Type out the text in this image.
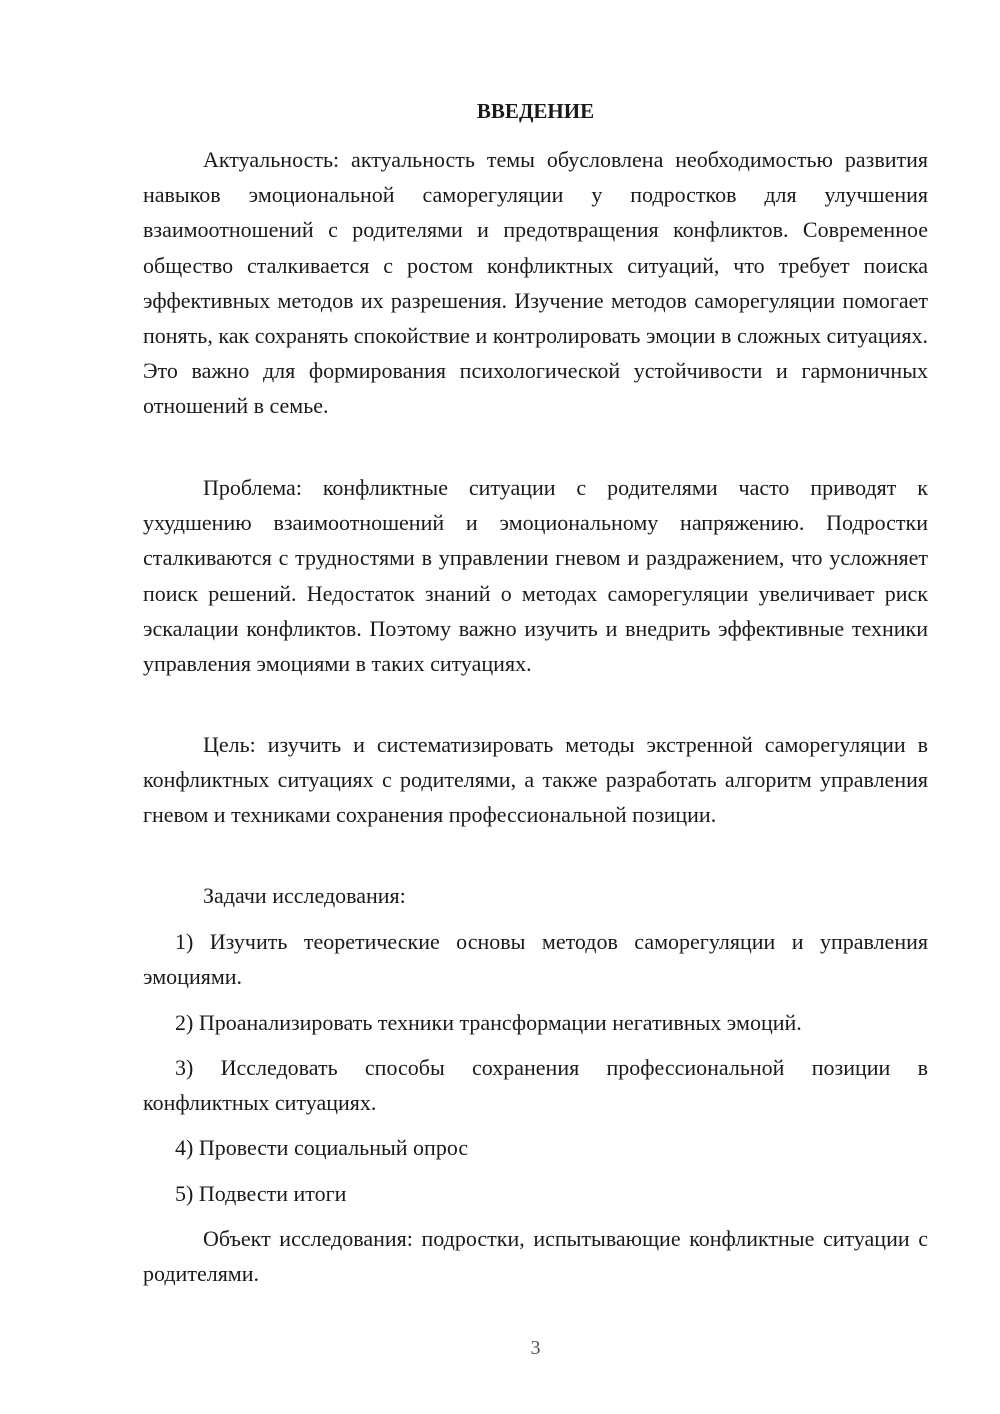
ВВЕДЕНИЕ

Актуальность: актуальность темы обусловлена необходимостью развития навыков эмоциональной саморегуляции у подростков для улучшения взаимоотношений с родителями и предотвращения конфликтов. Современное общество сталкивается с ростом конфликтных ситуаций, что требует поиска эффективных методов их разрешения. Изучение методов саморегуляции помогает понять, как сохранять спокойствие и контролировать эмоции в сложных ситуациях. Это важно для формирования психологической устойчивости и гармоничных отношений в семье.

Проблема: конфликтные ситуации с родителями часто приводят к ухудшению взаимоотношений и эмоциональному напряжению. Подростки сталкиваются с трудностями в управлении гневом и раздражением, что усложняет поиск решений. Недостаток знаний о методах саморегуляции увеличивает риск эскалации конфликтов. Поэтому важно изучить и внедрить эффективные техники управления эмоциями в таких ситуациях.

Цель: изучить и систематизировать методы экстренной саморегуляции в конфликтных ситуациях с родителями, а также разработать алгоритм управления гневом и техниками сохранения профессиональной позиции.

Задачи исследования:

1) Изучить теоретические основы методов саморегуляции и управления эмоциями.

2) Проанализировать техники трансформации негативных эмоций.

3) Исследовать способы сохранения профессиональной позиции в конфликтных ситуациях.

4) Провести социальный опрос

5) Подвести итоги

Объект исследования: подростки, испытывающие конфликтные ситуации с родителями.

3
